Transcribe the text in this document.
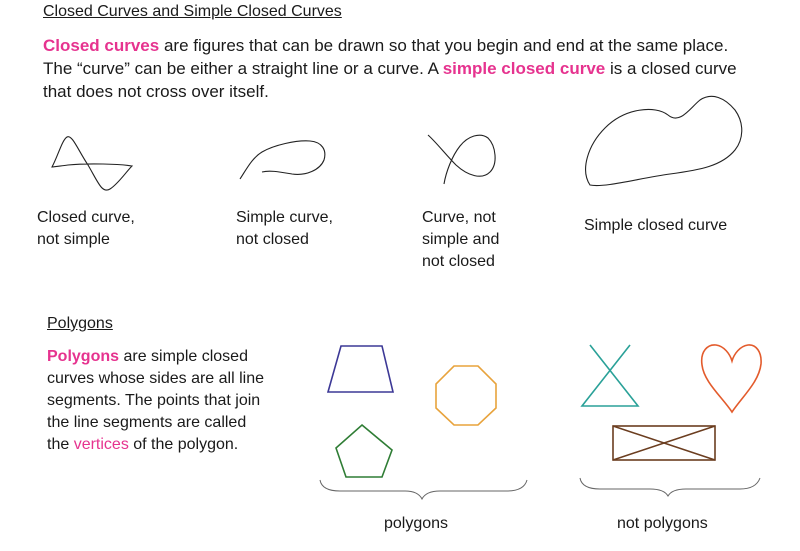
Closed Curves and Simple Closed Curves
Closed curves are figures that can be drawn so that you begin and end at the same place. The “curve” can be either a straight line or a curve. A simple closed curve is a closed curve that does not cross over itself.
Closed curve,
not simple
Simple curve,
not closed
Curve, not
simple and
not closed
Simple closed curve
Polygons
Polygons are simple closed curves whose sides are all line segments. The points that join the line segments are called the vertices of the polygon.
polygons	not polygons
